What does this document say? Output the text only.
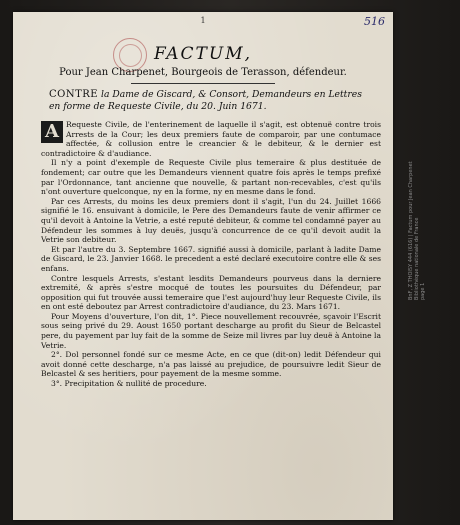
1	516
FACTUM,
Pour Jean Charpenet, Bourgeois de Terasson, défendeur.
CONTRE la Dame de Giscard, & Consort, Demandeurs en Lettres en forme de Requeste Civile, du 20. Juin 1671.

A Requeste Civile, de l'enterinement de laquelle il s'agit, est obtenuë contre trois Arrests de la Cour; les deux premiers faute de comparoir, par une contumace affectée, & collusion entre le creancier & le debiteur, & le dernier est contradictoire & d'audiance.

Il n'y a point d'exemple de Requeste Civile plus temeraire & plus destituée de fondement; car outre que les Demandeurs viennent quatre fois après le temps prefixé par l'Ordonnance, tant ancienne que nouvelle, & partant non-recevables, c'est qu'ils n'ont ouverture quelconque, ny en la forme, ny en mesme dans le fond.

Par ces Arrests, du moins les deux premiers dont il s'agit, l'un du 24. Juillet 1666 signifié le 16. ensuivant à domicile, le Pere des Demandeurs faute de venir affirmer ce qu'il devoit à Antoine la Vetrie, a esté reputé debiteur, & comme tel condamné payer au Défendeur les sommes à luy deuës, jusqu'à concurrence de ce qu'il devoit audit la Vetrie son debiteur.

Et par l'autre du 3. Septembre 1667. signifié aussi à domicile, parlant à ladite Dame de Giscard, le 23. Janvier 1668. le precedent a esté declaré executoire contre elle & ses enfans.

Contre lesquels Arrests, s'estant lesdits Demandeurs pourveus dans la derniere extremité, & après s'estre mocqué de toutes les poursuites du Défendeur, par opposition qui fut trouvée aussi temeraire que l'est aujourd'huy leur Requeste Civile, ils en ont esté deboutez par Arrest contradictoire d'audiance, du 23. Mars 1671.

Pour Moyens d'ouverture, l'on dit, 1°. Piece nouvellement recouvrée, sçavoir l'Escrit sous seing privé du 29. Aoust 1650 portant descharge au profit du Sieur de Belcastel pere, du payement par luy fait de la somme de Seize mil livres par luy deuë à Antoine la Vetrie.

2°. Dol personnel fondé sur ce mesme Acte, en ce que (dit-on) ledit Défendeur qui avoit donné cette descharge, n'a pas laissé au prejudice, de poursuivre ledit Sieur de Belcastel & ses heritiers, pour payement de la mesme somme.

3°. Precipitation & nullité de procedure.

BnF, Z THOISY 444 (616) | Factum pour Jean Charpenet Bibliothèque nationale de France page 1
